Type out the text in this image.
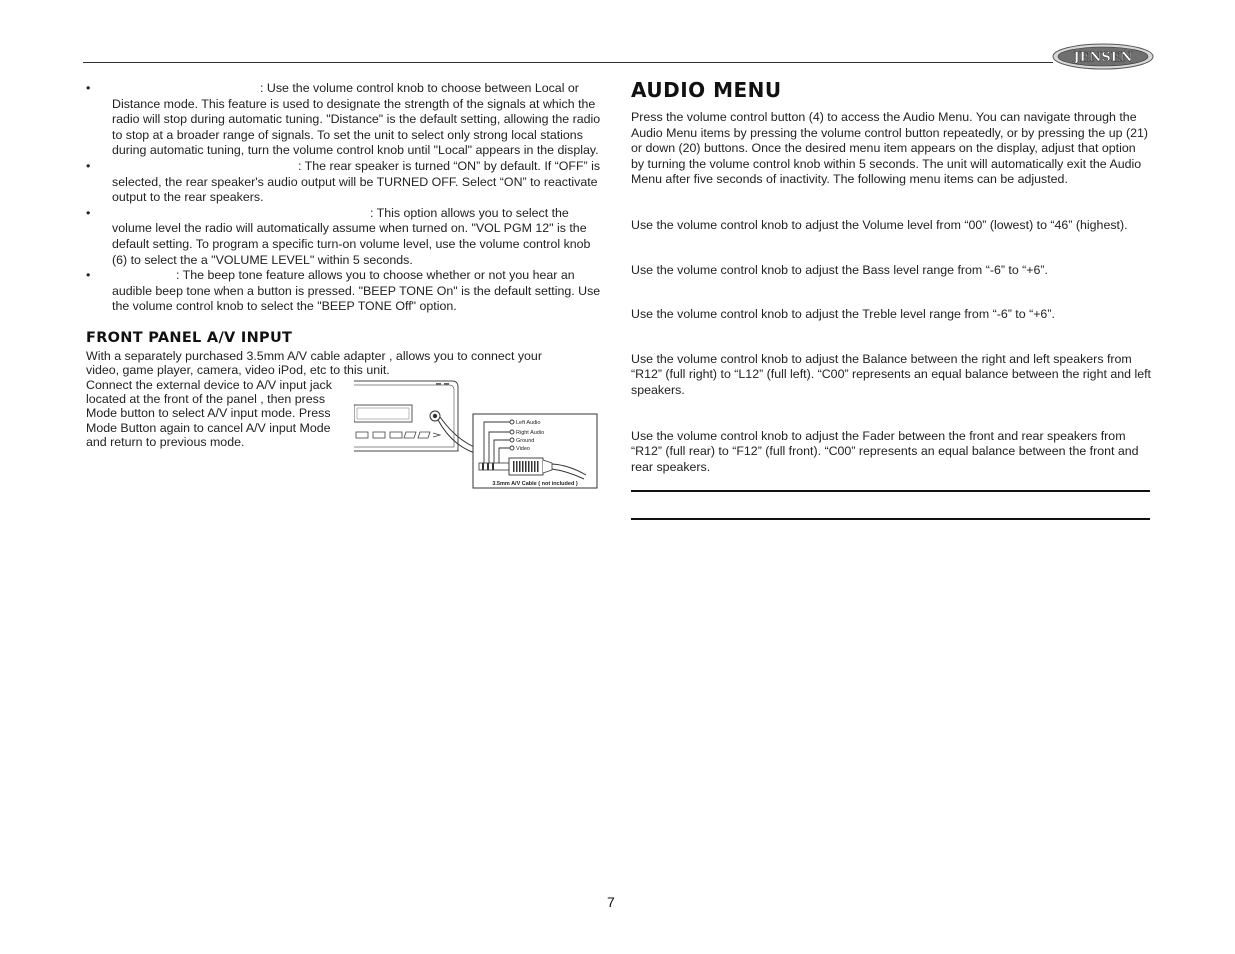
JENSEN

•	: Use the volume control knob to choose between Local or Distance mode. This feature is used to designate the strength of the signals at which the radio will stop during automatic tuning. "Distance" is the default setting, allowing the radio to stop at a broader range of signals. To set the unit to select only strong local stations during automatic tuning, turn the volume control knob until "Local" appears in the display.

•	: The rear speaker is turned “ON” by default. If “OFF” is selected, the rear speaker's audio output will be TURNED OFF. Select “ON” to reactivate output to the rear speakers.

•	: This option allows you to select the volume level the radio will automatically assume when turned on. "VOL PGM 12" is the default setting. To program a specific turn-on volume level, use the volume control knob (6) to select the a "VOLUME LEVEL" within 5 seconds.

•	: The beep tone feature allows you to choose whether or not you hear an audible beep tone when a button is pressed. "BEEP TONE On" is the default setting. Use the volume control knob to select the "BEEP TONE Off" option.

FRONT PANEL A/V INPUT

With a separately purchased 3.5mm A/V cable adapter , allows you to connect your video, game player, camera, video iPod, etc to this unit.

Connect the external device to A/V input jack located at the front of the panel , then press Mode button to select A/V input mode. Press Mode Button again to cancel A/V input Mode and return to previous mode.
Left Audio
Right Audio
Ground
Video
3.5mm A/V Cable ( not included )
AUDIO MENU

Press the volume control button (4) to access the Audio Menu. You can navigate through the Audio Menu items by pressing the volume control button repeatedly, or by pressing the up (21) or down (20) buttons. Once the desired menu item appears on the display, adjust that option by turning the volume control knob within 5 seconds. The unit will automatically exit the Audio Menu after five seconds of inactivity. The following menu items can be adjusted.

Use the volume control knob to adjust the Volume level from “00” (lowest) to “46” (highest).

Use the volume control knob to adjust the Bass level range from “-6” to “+6”.

Use the volume control knob to adjust the Treble level range from “-6” to “+6”.

Use the volume control knob to adjust the Balance between the right and left speakers from “R12” (full right) to “L12” (full left). “C00” represents an equal balance between the right and left speakers.

Use the volume control knob to adjust the Fader between the front and rear speakers from “R12” (full rear) to “F12” (full front). “C00” represents an equal balance between the front and rear speakers.

7
